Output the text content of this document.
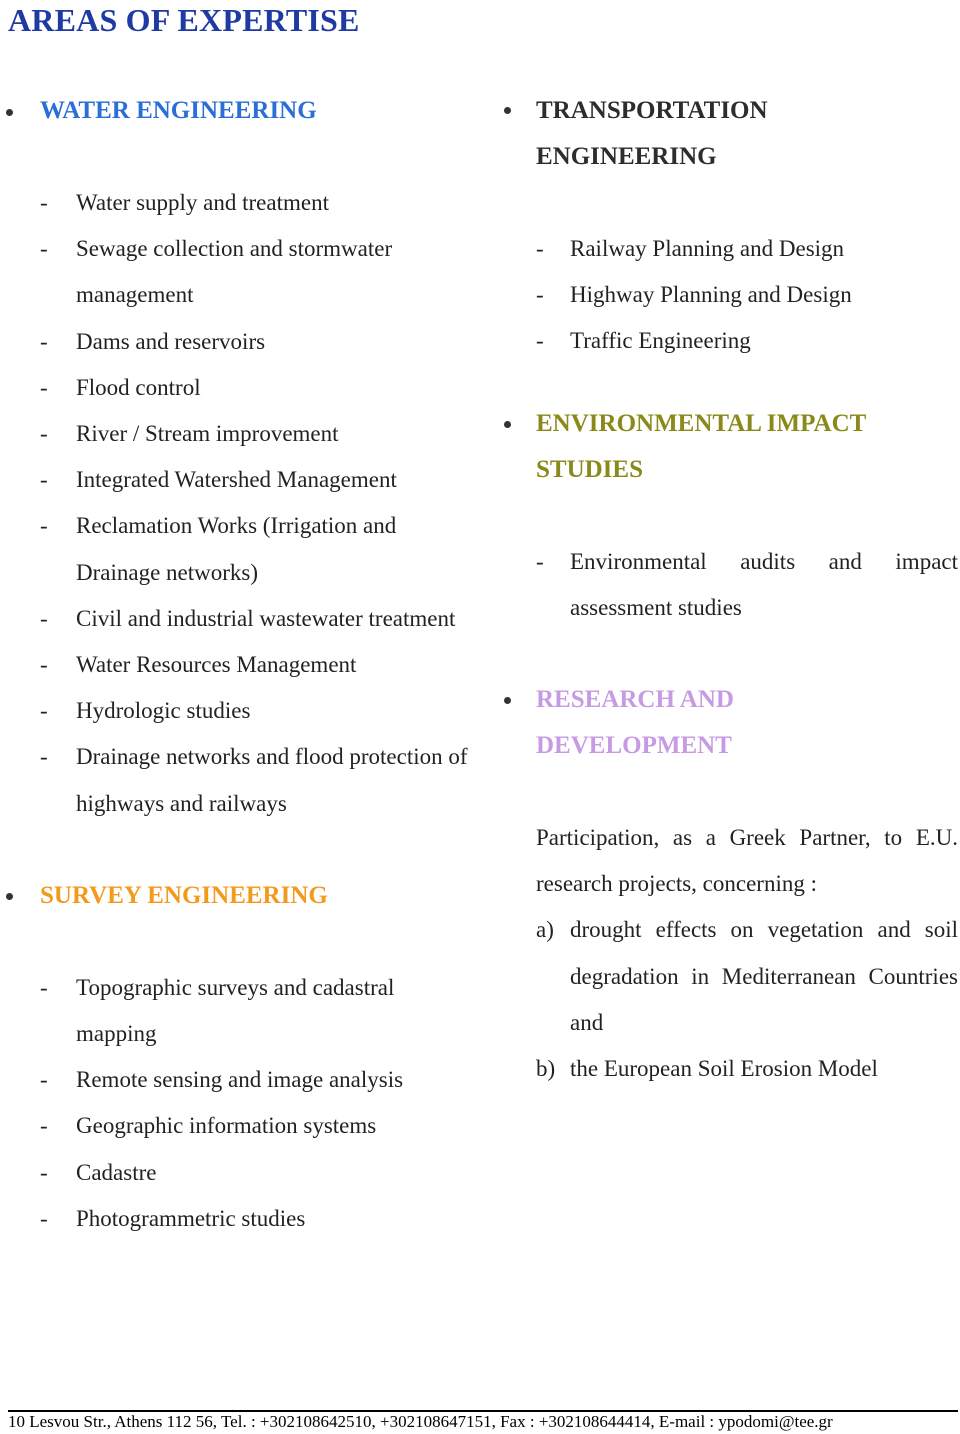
AREAS OF EXPERTISE
WATER ENGINEERING
- Water supply and treatment
- Sewage collection and stormwater management
- Dams and reservoirs
- Flood control
- River / Stream improvement
- Integrated Watershed Management
- Reclamation Works (Irrigation and Drainage networks)
- Civil and industrial wastewater treatment
- Water Resources Management
- Hydrologic studies
- Drainage networks and flood protection of highways and railways
SURVEY ENGINEERING
- Topographic surveys and cadastral mapping
- Remote sensing and image analysis
- Geographic information systems
- Cadastre
- Photogrammetric studies
TRANSPORTATION ENGINEERING
- Railway Planning and Design
- Highway Planning and Design
- Traffic Engineering
ENVIRONMENTAL IMPACT STUDIES
- Environmental audits and impact assessment studies
RESEARCH AND DEVELOPMENT

Participation, as a Greek Partner, to E.U. research projects, concerning :

a) drought effects on vegetation and soil degradation in Mediterranean Countries and
b) the European Soil Erosion Model
10 Lesvou Str., Athens 112 56, Tel. : +302108642510, +302108647151, Fax : +302108644414, E-mail : ypodomi@tee.gr
